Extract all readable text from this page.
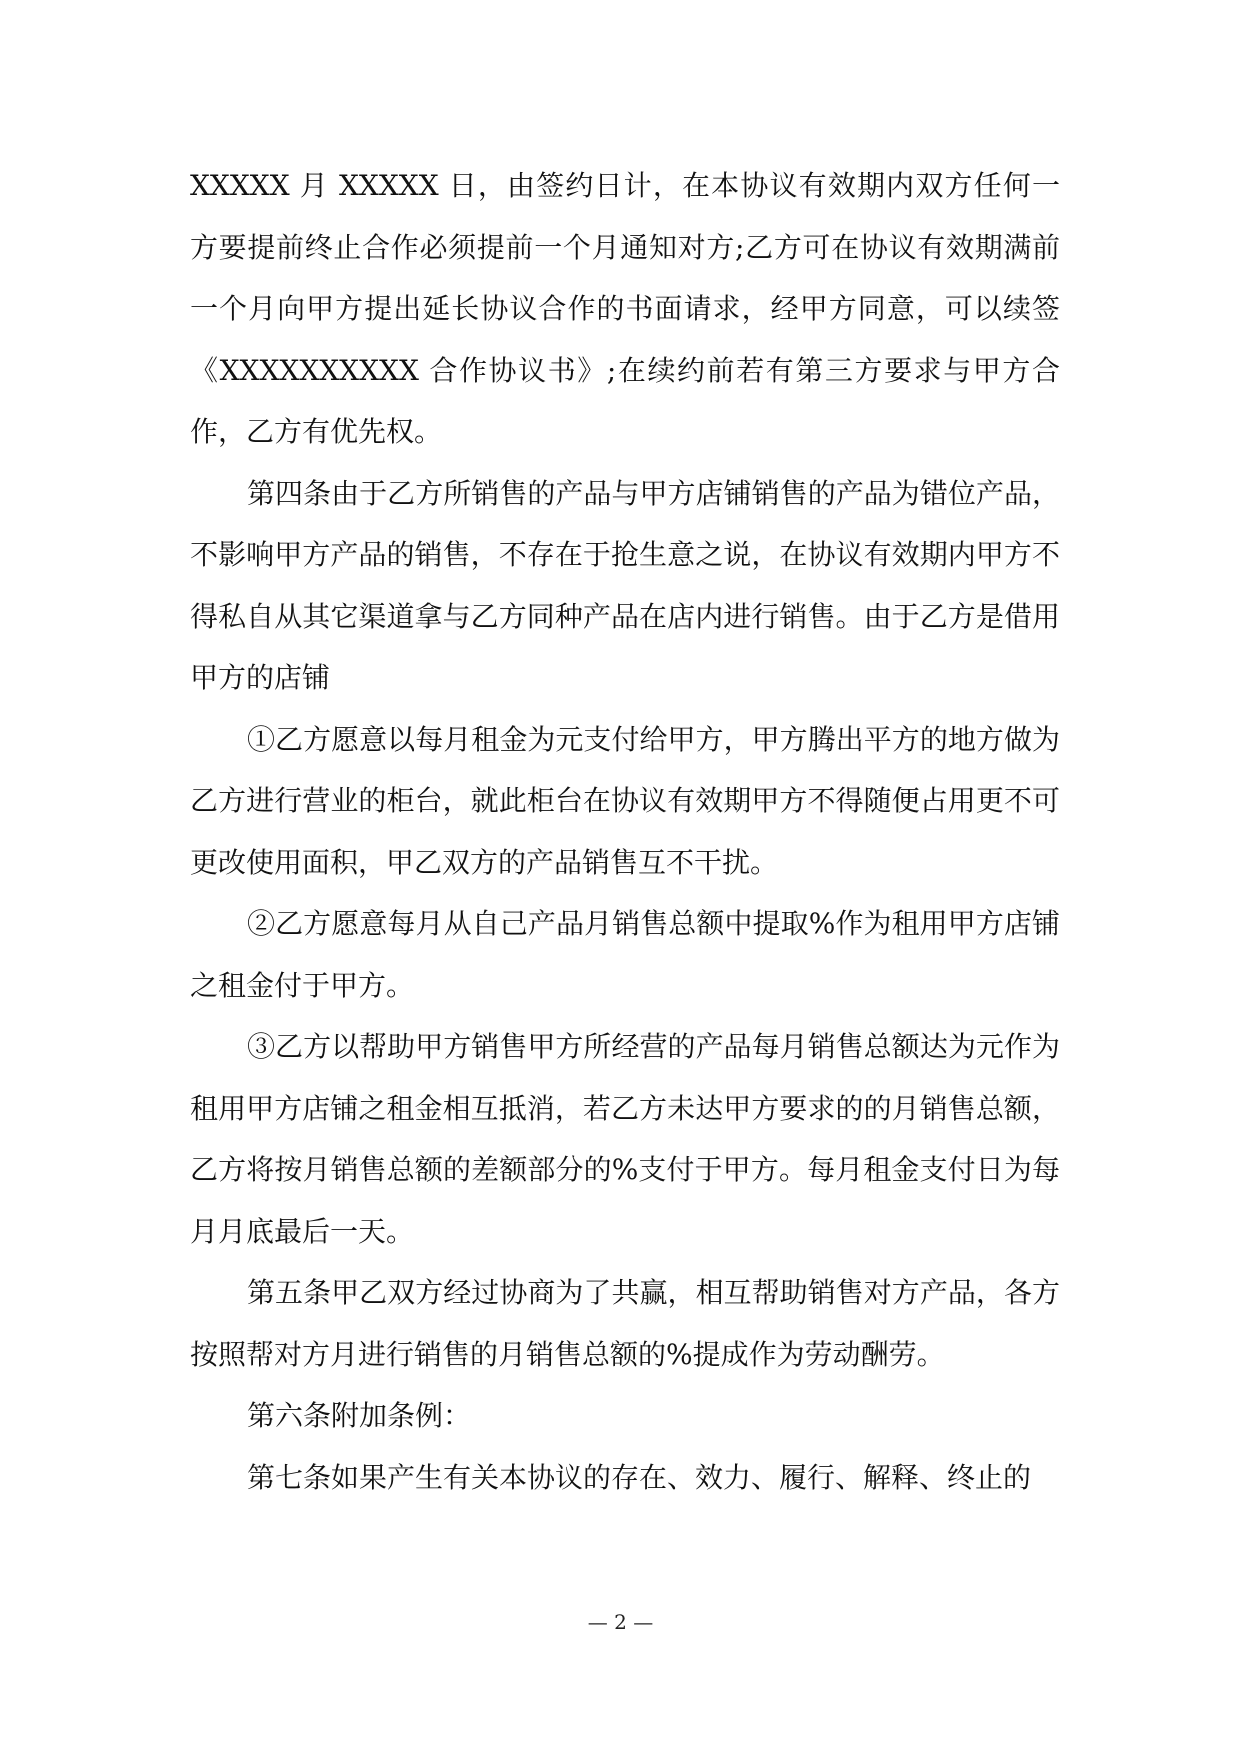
XXXXX 月 XXXXX 日，由签约日计，在本协议有效期内双方任何一方要提前终止合作必须提前一个月通知对方;乙方可在协议有效期满前一个月向甲方提出延长协议合作的书面请求，经甲方同意，可以续签《XXXXXXXXXX 合作协议书》;在续约前若有第三方要求与甲方合作，乙方有优先权。

第四条由于乙方所销售的产品与甲方店铺销售的产品为错位产品，不影响甲方产品的销售，不存在于抢生意之说，在协议有效期内甲方不得私自从其它渠道拿与乙方同种产品在店内进行销售。由于乙方是借用甲方的店铺

①乙方愿意以每月租金为元支付给甲方，甲方腾出平方的地方做为乙方进行营业的柜台，就此柜台在协议有效期甲方不得随便占用更不可更改使用面积，甲乙双方的产品销售互不干扰。

②乙方愿意每月从自己产品月销售总额中提取%作为租用甲方店铺之租金付于甲方。

③乙方以帮助甲方销售甲方所经营的产品每月销售总额达为元作为租用甲方店铺之租金相互抵消，若乙方未达甲方要求的的月销售总额，乙方将按月销售总额的差额部分的%支付于甲方。每月租金支付日为每月月底最后一天。

第五条甲乙双方经过协商为了共赢，相互帮助销售对方产品，各方按照帮对方月进行销售的月销售总额的%提成作为劳动酬劳。

第六条附加条例：

第七条如果产生有关本协议的存在、效力、履行、解释、终止的

— 2 —
